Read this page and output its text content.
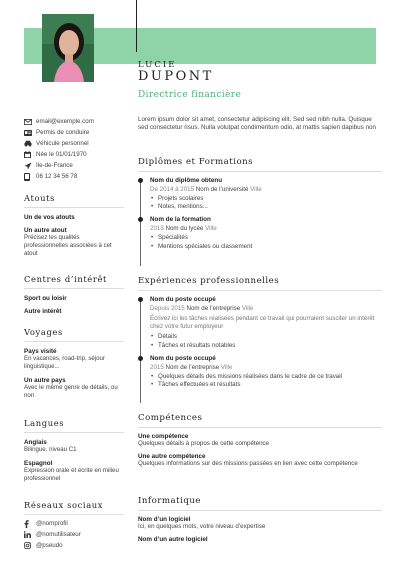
LUCIE
DUPONT
Directrice financière
email@exemple.com
Permis de conduire
Véhicule personnel
Née le 01/01/1970
Ile-de-France
06 12 34 56 78
Atouts
Un de vos atouts
Un autre atout
Précisez les qualités professionnelles associées à cet atout
Centres d’intérêt
Sport ou loisir
Autre intérêt
Voyages
Pays visité
En vacances, road-trip, séjour linguistique...
Un autre pays
Avec le même genre de détails, ou non
Langues
Anglais
Bilingue, niveau C1
Espagnol
Expression orale et écrite en milieu professionnel
Réseaux sociaux
@nomprofil
@nomutilisateur
@pseudo
Lorem ipsum dolor sit amet, consectetur adipiscing elit. Sed sed nibh nulla. Quisque sed consectetur risus. Nulla volutpat condimentum odio, at mattis sapien dapibus non
Diplômes et Formations
Nom du diplôme obtenu
De 2014 à 2015 Nom de l’université Ville
• Projets scolaires
• Notes, mentions...
Nom de la formation
2013 Nom du lycée Ville
• Spécialités
• Mentions spéciales ou classement
Expériences professionnelles
Nom du poste occupé
Depuis 2015 Nom de l’entreprise Ville
Écrivez ici les tâches réalisées pendant ce travail qui pourraient susciter un intérêt chez votre futur employeur
• Détails
• Tâches et résultats notables
Nom du poste occupé
2015 Nom de l’entreprise Ville
• Quelques détails des missions réalisées dans le cadre de ce travail
• Tâches effectuées et résultats
Compétences
Une compétence
Quelques détails à propos de cette compétence
Une autre compétence
Quelques informations sur des missions passées en lien avec cette compétence
Informatique
Nom d’un logiciel
Ici, en quelques mots, votre niveau d’expertise
Nom d’un autre logiciel
